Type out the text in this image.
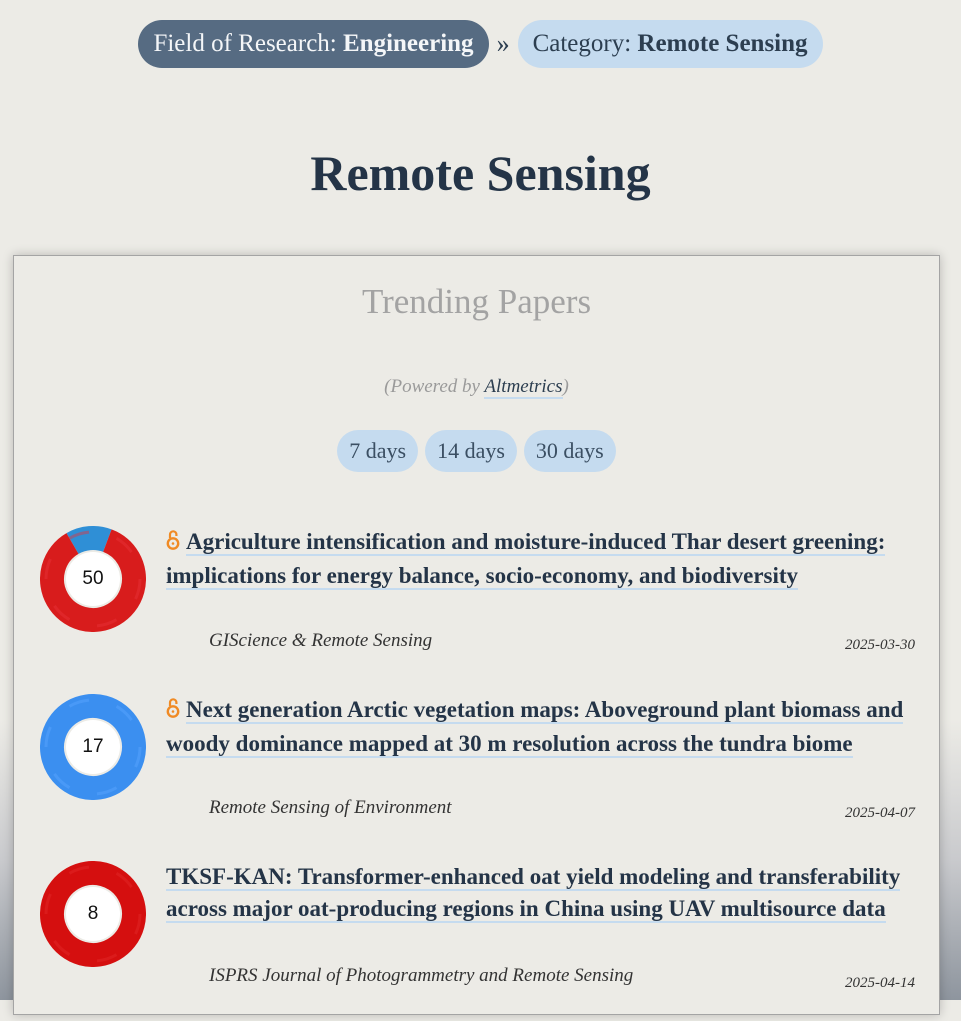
Field of Research: Engineering » Category: Remote Sensing
Remote Sensing
Trending Papers
(Powered by Altmetrics)
7 days	14 days	30 days
50
Agriculture intensification and moisture-induced Thar desert greening: implications for energy balance, socio-economy, and biodiversity
GIScience & Remote Sensing	2025-03-30
17
Next generation Arctic vegetation maps: Aboveground plant biomass and woody dominance mapped at 30 m resolution across the tundra biome
Remote Sensing of Environment	2025-04-07
8
TKSF-KAN: Transformer-enhanced oat yield modeling and transferability across major oat-producing regions in China using UAV multisource data
ISPRS Journal of Photogrammetry and Remote Sensing	2025-04-14
